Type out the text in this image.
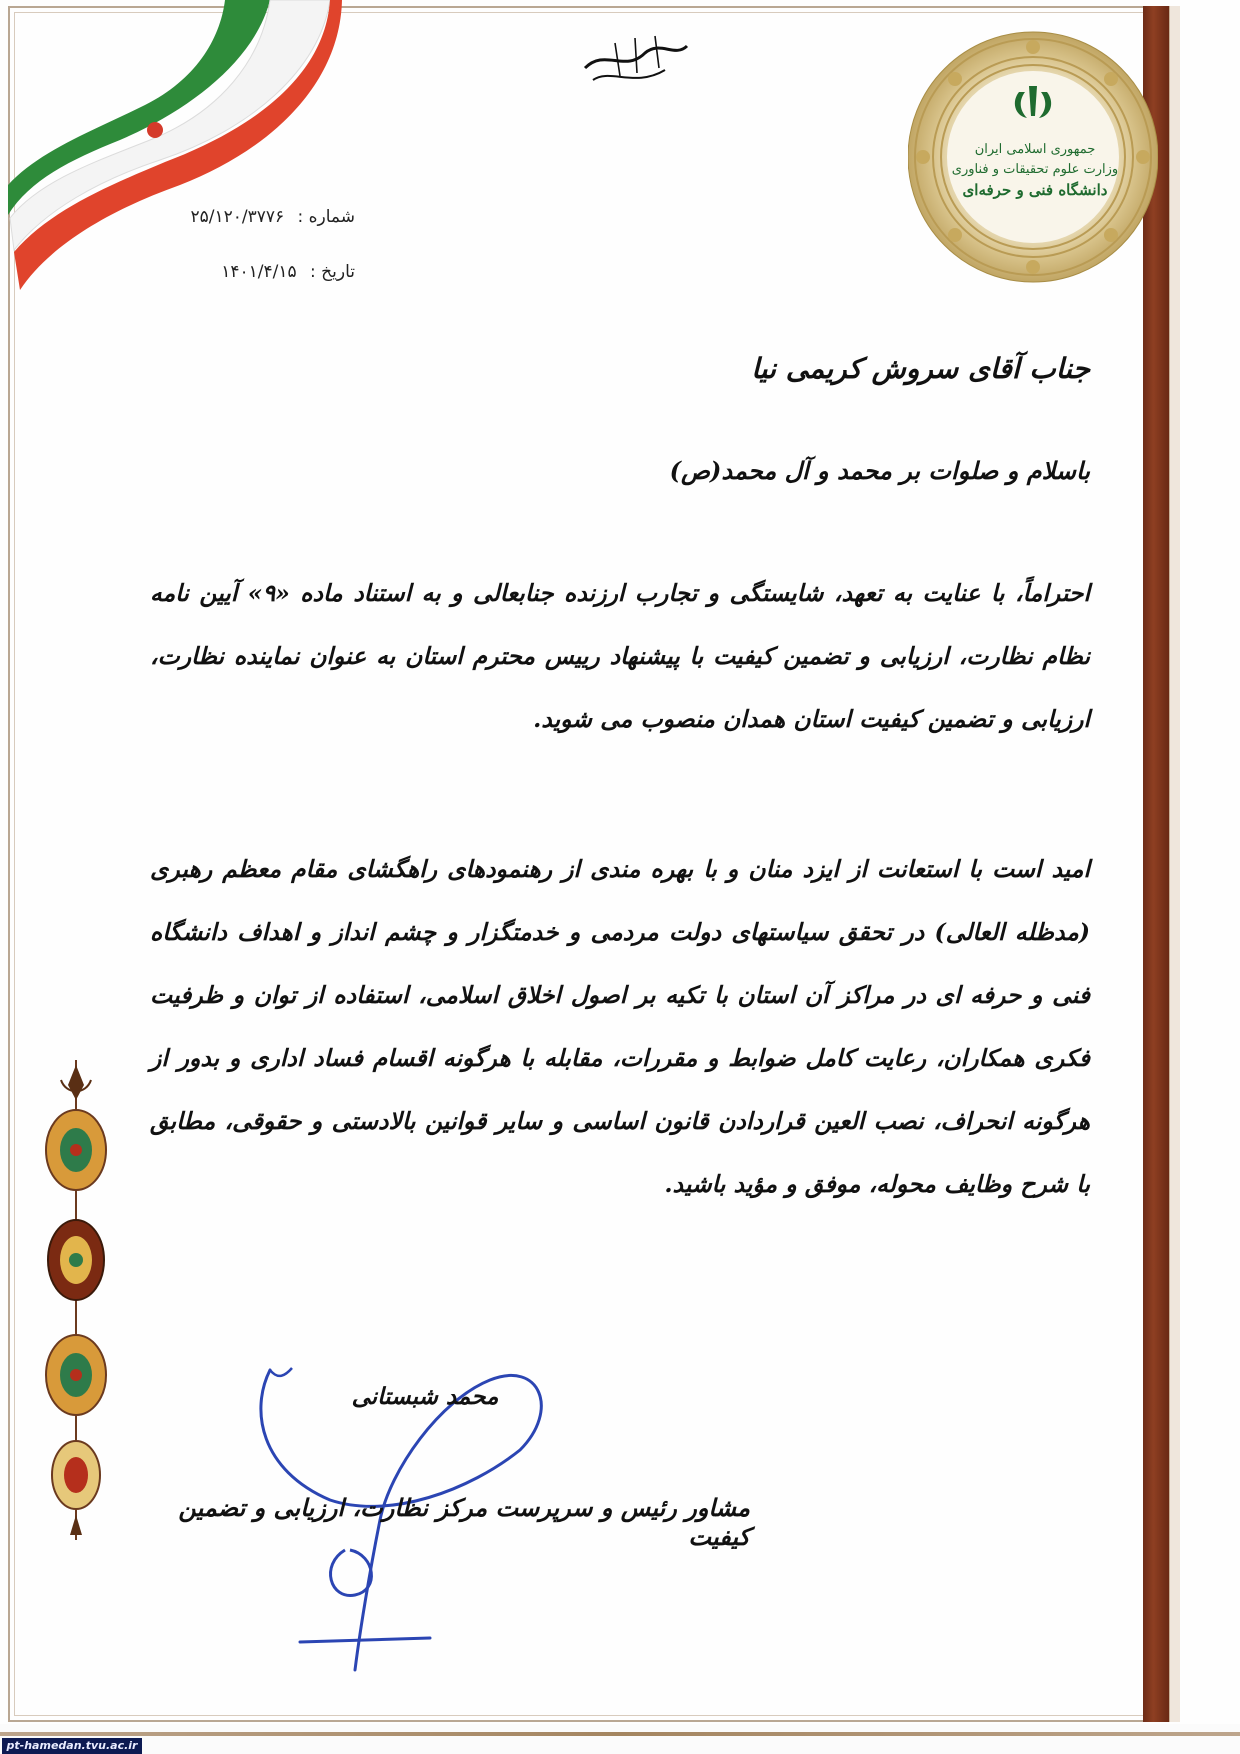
جمهوری اسلامی ایران
وزارت علوم تحقیقات و فناوری
دانشگاه فنی و حرفه‌ای
شماره : ۲۵/۱۲۰/۳۷۷۶
تاریخ : ۱۴۰۱/۴/۱۵
جناب آقای سروش کریمی نیا
باسلام و صلوات بر محمد و آل محمد(ص)
احتراماً، با عنایت به تعهد، شایستگی و تجارب ارزنده جنابعالی و به استناد ماده «۹» آیین نامه نظام نظارت، ارزیابی و تضمین کیفیت با پیشنهاد رییس محترم استان به عنوان نماینده نظارت، ارزیابی و تضمین کیفیت استان همدان منصوب می شوید.
امید است با استعانت از ایزد منان و با بهره مندی از رهنمودهای راهگشای مقام معظم رهبری (مدظله العالی) در تحقق سیاستهای دولت مردمی و خدمتگزار و چشم انداز و اهداف دانشگاه فنی و حرفه ای در مراکز آن استان با تکیه بر اصول اخلاق اسلامی، استفاده از توان و ظرفیت فکری همکاران، رعایت کامل ضوابط و مقررات، مقابله با هرگونه اقسام فساد اداری و بدور از هرگونه انحراف، نصب العین قراردادن قانون اساسی و سایر قوانین بالادستی و حقوقی، مطابق با شرح وظایف محوله، موفق و مؤید باشید.
محمد شبستانی
مشاور رئیس و سرپرست مرکز نظارت، ارزیابی و تضمین کیفیت
pt-hamedan.tvu.ac.ir
